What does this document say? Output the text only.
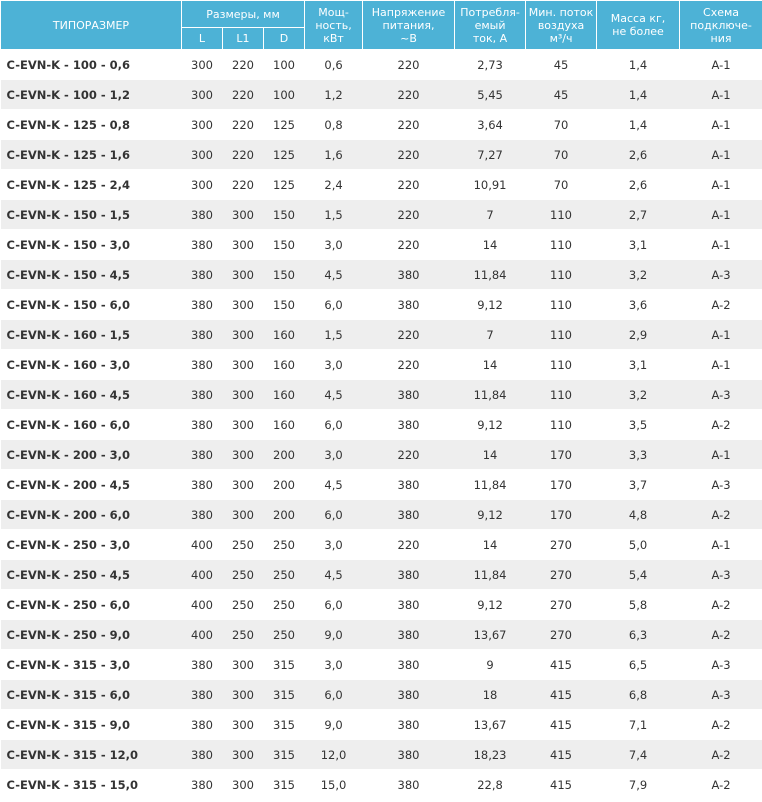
ТИПОРАЗМЕР	Размеры, мм			Мощ-
ность,
кВт	Напряжение
питания,
~В	Потребля-
емый
ток, А	Мин. поток
воздуха
м³/ч	Масса кг,
не более	Схема
подключе-
ния
	L	L1	D						
C-EVN-K - 100 - 0,6	300	220	100	0,6	220	2,73	45	1,4	A-1
C-EVN-K - 100 - 1,2	300	220	100	1,2	220	5,45	45	1,4	A-1
C-EVN-K - 125 - 0,8	300	220	125	0,8	220	3,64	70	1,4	A-1
C-EVN-K - 125 - 1,6	300	220	125	1,6	220	7,27	70	2,6	A-1
C-EVN-K - 125 - 2,4	300	220	125	2,4	220	10,91	70	2,6	A-1
C-EVN-K - 150 - 1,5	380	300	150	1,5	220	7	110	2,7	A-1
C-EVN-K - 150 - 3,0	380	300	150	3,0	220	14	110	3,1	A-1
C-EVN-K - 150 - 4,5	380	300	150	4,5	380	11,84	110	3,2	A-3
C-EVN-K - 150 - 6,0	380	300	150	6,0	380	9,12	110	3,6	A-2
C-EVN-K - 160 - 1,5	380	300	160	1,5	220	7	110	2,9	A-1
C-EVN-K - 160 - 3,0	380	300	160	3,0	220	14	110	3,1	A-1
C-EVN-K - 160 - 4,5	380	300	160	4,5	380	11,84	110	3,2	A-3
C-EVN-K - 160 - 6,0	380	300	160	6,0	380	9,12	110	3,5	A-2
C-EVN-K - 200 - 3,0	380	300	200	3,0	220	14	170	3,3	A-1
C-EVN-K - 200 - 4,5	380	300	200	4,5	380	11,84	170	3,7	A-3
C-EVN-K - 200 - 6,0	380	300	200	6,0	380	9,12	170	4,8	A-2
C-EVN-K - 250 - 3,0	400	250	250	3,0	220	14	270	5,0	A-1
C-EVN-K - 250 - 4,5	400	250	250	4,5	380	11,84	270	5,4	A-3
C-EVN-K - 250 - 6,0	400	250	250	6,0	380	9,12	270	5,8	A-2
C-EVN-K - 250 - 9,0	400	250	250	9,0	380	13,67	270	6,3	A-2
C-EVN-K - 315 - 3,0	380	300	315	3,0	380	9	415	6,5	A-3
C-EVN-K - 315 - 6,0	380	300	315	6,0	380	18	415	6,8	A-3
C-EVN-K - 315 - 9,0	380	300	315	9,0	380	13,67	415	7,1	A-2
C-EVN-K - 315 - 12,0	380	300	315	12,0	380	18,23	415	7,4	A-2
C-EVN-K - 315 - 15,0	380	300	315	15,0	380	22,8	415	7,9	A-2
